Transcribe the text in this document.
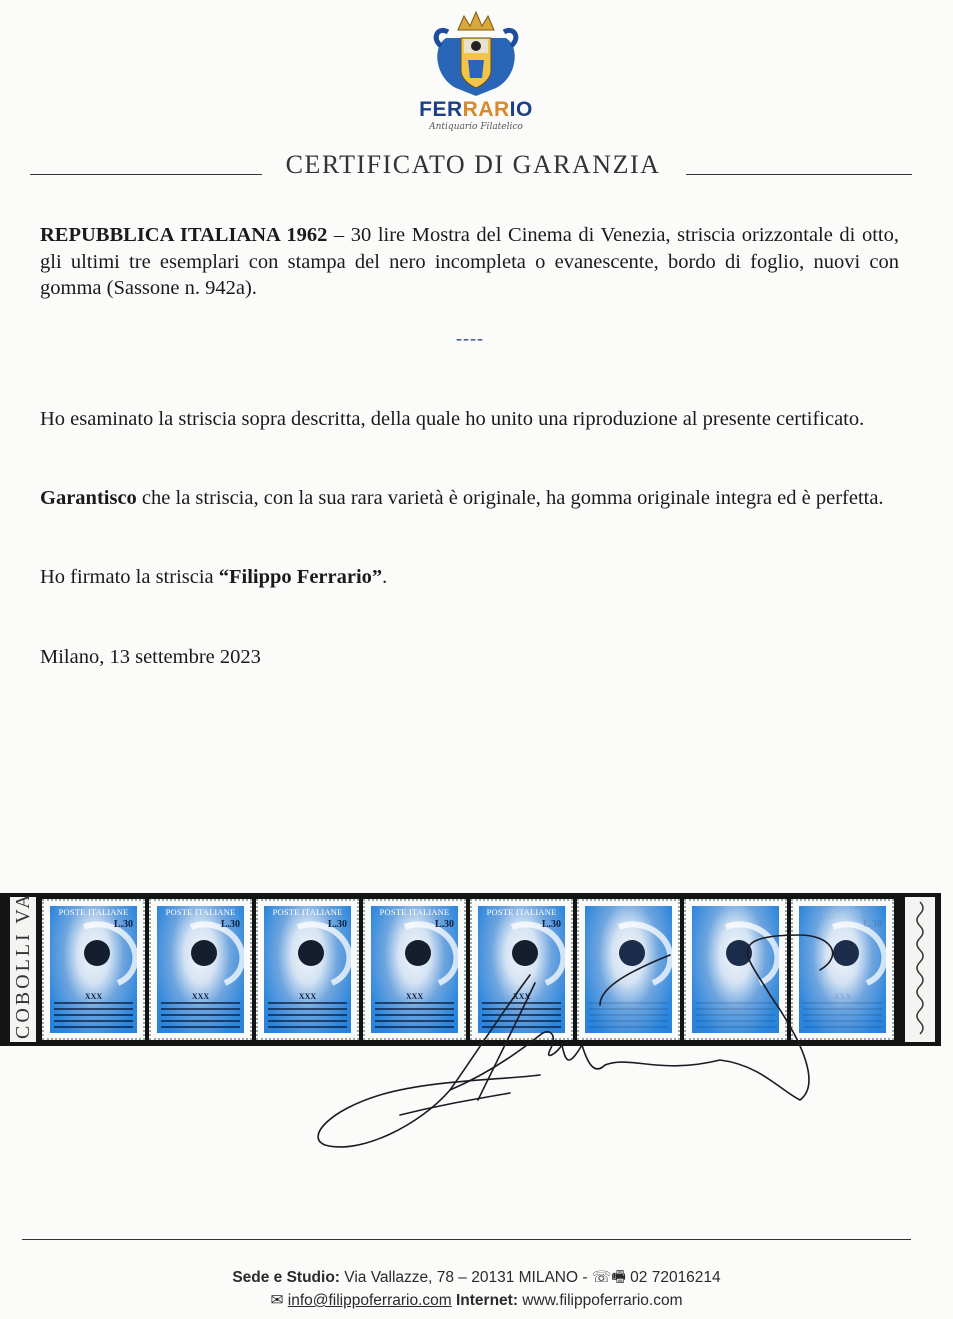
FERRARIO
Antiquario Filatelico
CERTIFICATO DI GARANZIA
REPUBBLICA ITALIANA 1962 – 30 lire Mostra del Cinema di Venezia, striscia orizzontale di otto, gli ultimi tre esemplari con stampa del nero incompleta o evanescente, bordo di foglio, nuovi con gomma (Sassone n. 942a).
----
Ho esaminato la striscia sopra descritta, della quale ho unito una riproduzione al presente certificato.
Garantisco che la striscia, con la sua rara varietà è originale, ha gomma originale integra ed è perfetta.
Ho firmato la striscia “Filippo Ferrario”.
Milano, 13 settembre 2023
COBOLLI VA	POSTE ITALIANE
L.30
XXX
POSTE ITALIANE
L.30
XXX
POSTE ITALIANE
L.30
XXX
POSTE ITALIANE
L.30
XXX
POSTE ITALIANE
L.30
XXX
ITALIANE
L.30
XXX
Sede e Studio: Via Vallazze, 78 – 20131 MILANO - ☏🖷 02 72016214
✉ info@filippoferrario.com Internet: www.filippoferrario.com
